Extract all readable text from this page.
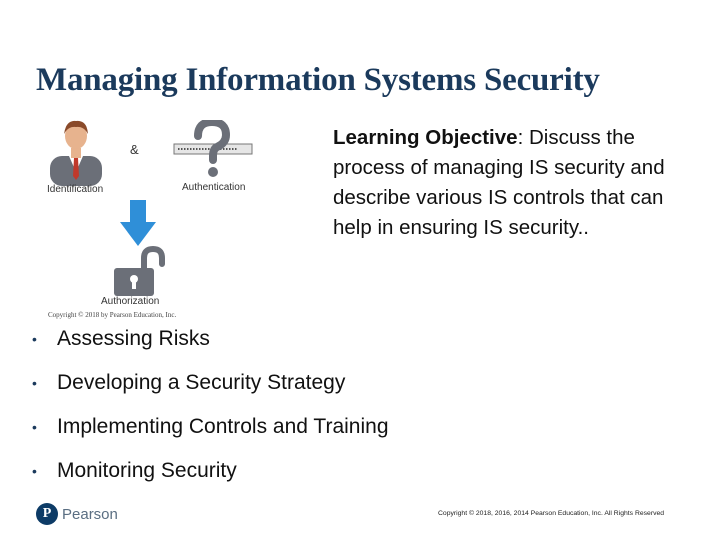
Managing Information Systems Security
&
Identification	Authentication
Authorization
Copyright © 2018 by Pearson Education, Inc.
Learning Objective: Discuss the process of managing IS security and describe various IS controls that can help in ensuring IS security..
• Assessing Risks
• Developing a Security Strategy
• Implementing Controls and Training
• Monitoring Security
P Pearson	Copyright © 2018, 2016, 2014 Pearson Education, Inc. All Rights Reserved
